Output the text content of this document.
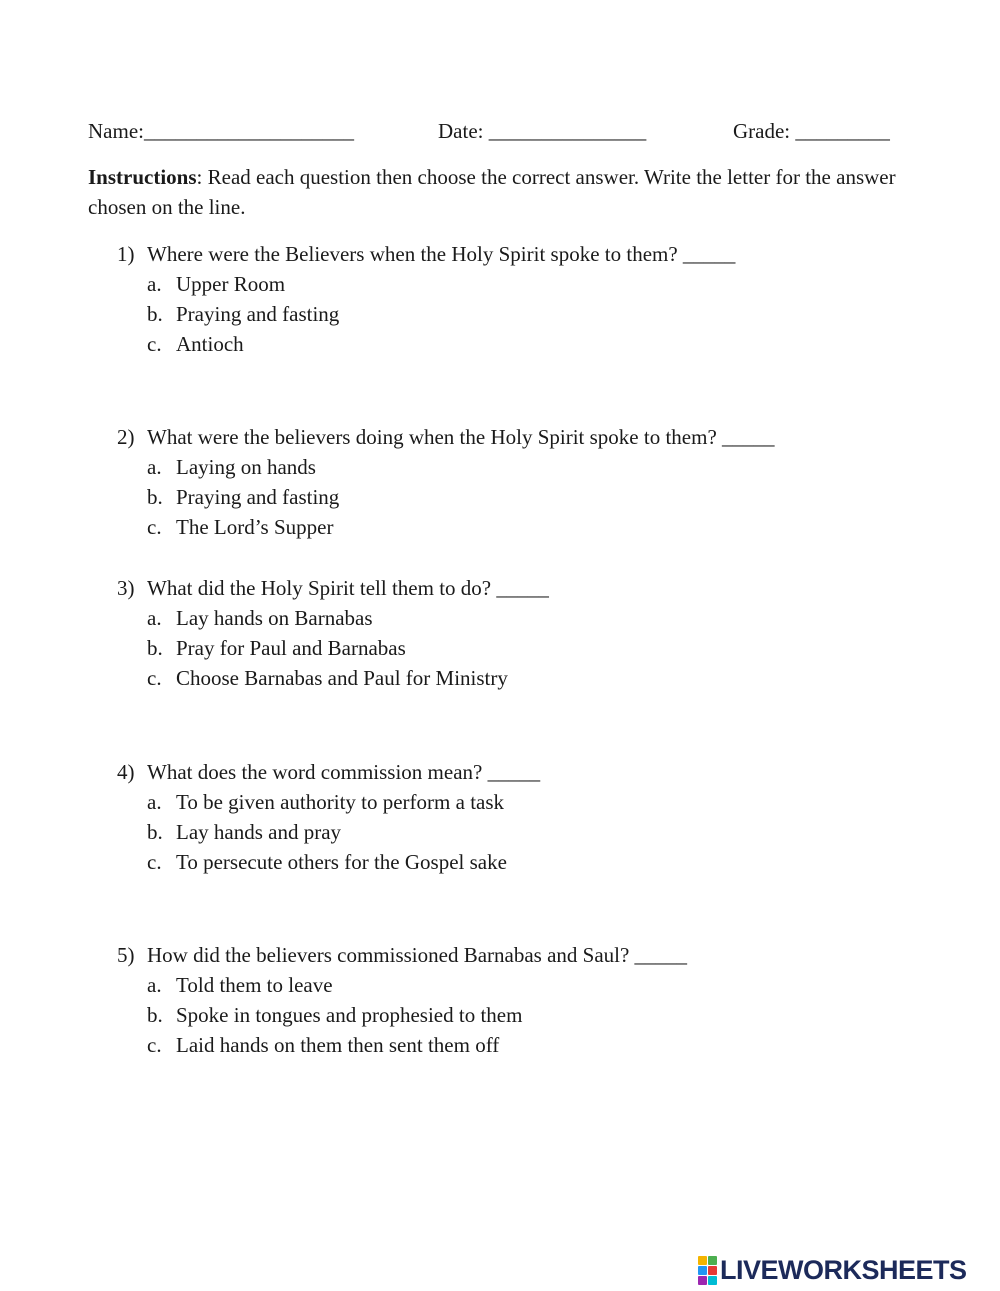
Name:____________________	Date: _______________	Grade: _________
Instructions: Read each question then choose the correct answer. Write the letter for the answer chosen on the line.
1) Where were the Believers when the Holy Spirit spoke to them? _____
a. Upper Room
b. Praying and fasting
c. Antioch
2) What were the believers doing when the Holy Spirit spoke to them? _____
a. Laying on hands
b. Praying and fasting
c. The Lord’s Supper
3) What did the Holy Spirit tell them to do? _____
a. Lay hands on Barnabas
b. Pray for Paul and Barnabas
c. Choose Barnabas and Paul for Ministry
4) What does the word commission mean? _____
a. To be given authority to perform a task
b. Lay hands and pray
c. To persecute others for the Gospel sake
5) How did the believers commissioned Barnabas and Saul? _____
a. Told them to leave
b. Spoke in tongues and prophesied to them
c. Laid hands on them then sent them off
LIVEWORKSHEETS
